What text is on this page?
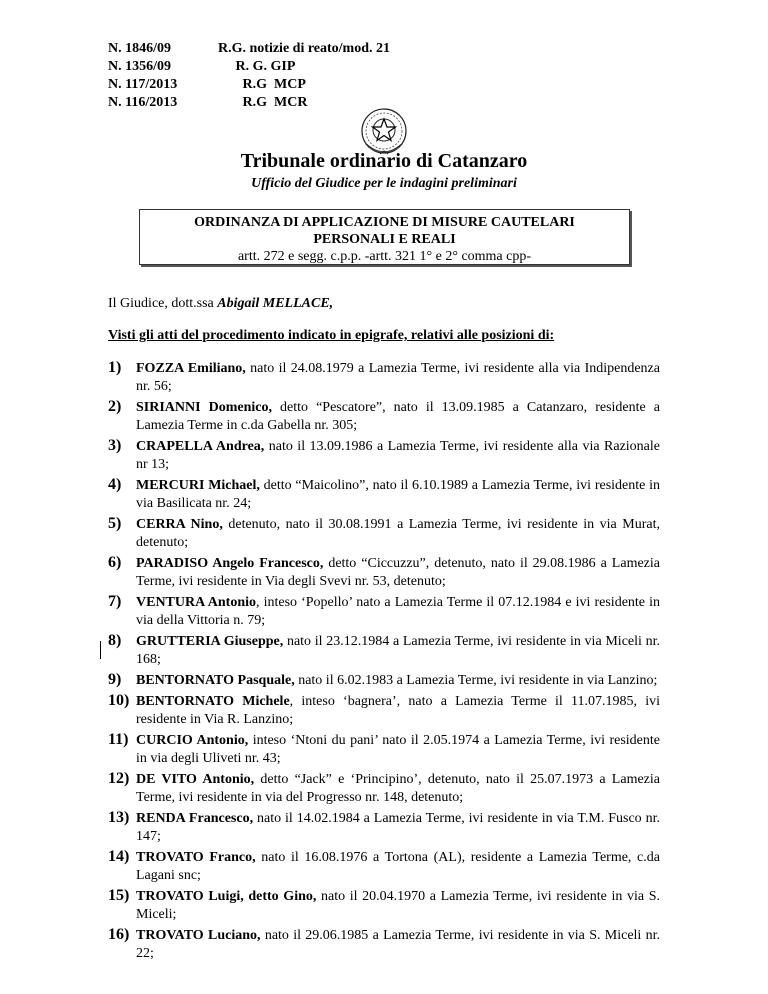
N. 1846/09	R.G. notizie di reato/mod. 21
N. 1356/09	R. G. GIP
N. 117/2013	R.G  MCP
N. 116/2013	R.G  MCR
Tribunale ordinario di Catanzaro
Ufficio del Giudice per le indagini preliminari
ORDINANZA DI APPLICAZIONE DI MISURE CAUTELARI
PERSONALI E REALI
artt. 272 e segg. c.p.p. -artt. 321 1° e 2° comma cpp-
Il Giudice, dott.ssa Abigail MELLACE,
Visti gli atti del procedimento indicato in epigrafe, relativi alle posizioni di:
1) FOZZA Emiliano, nato il 24.08.1979 a Lamezia Terme, ivi residente alla via Indipendenza nr. 56;
2) SIRIANNI Domenico, detto “Pescatore”, nato il 13.09.1985 a Catanzaro, residente a Lamezia Terme in c.da Gabella nr. 305;
3) CRAPELLA Andrea, nato il 13.09.1986 a Lamezia Terme, ivi residente alla via Razionale nr 13;
4) MERCURI Michael, detto “Maicolino”, nato il 6.10.1989 a Lamezia Terme, ivi residente in via Basilicata nr. 24;
5) CERRA Nino, detenuto, nato il 30.08.1991 a Lamezia Terme, ivi residente in via Murat, detenuto;
6) PARADISO Angelo Francesco, detto “Ciccuzzu”, detenuto, nato il 29.08.1986 a Lamezia Terme, ivi residente in Via degli Svevi nr. 53, detenuto;
7) VENTURA Antonio, inteso ‘Popello’ nato a Lamezia Terme il 07.12.1984 e ivi residente in via della Vittoria n. 79;
8) GRUTTERIA Giuseppe, nato il 23.12.1984 a Lamezia Terme, ivi residente in via Miceli nr. 168;
9) BENTORNATO Pasquale, nato il 6.02.1983 a Lamezia Terme, ivi residente in via Lanzino;
10) BENTORNATO Michele, inteso ‘bagnera’, nato a Lamezia Terme il 11.07.1985, ivi residente in Via R. Lanzino;
11) CURCIO Antonio, inteso ‘Ntoni du pani’ nato il 2.05.1974 a Lamezia Terme, ivi residente in via degli Uliveti nr. 43;
12) DE VITO Antonio, detto “Jack” e ‘Principino’, detenuto, nato il 25.07.1973 a Lamezia Terme, ivi residente in via del Progresso nr. 148, detenuto;
13) RENDA Francesco, nato il 14.02.1984 a Lamezia Terme, ivi residente in via T.M. Fusco nr. 147;
14) TROVATO Franco, nato il 16.08.1976 a Tortona (AL), residente a Lamezia Terme, c.da Lagani snc;
15) TROVATO Luigi, detto Gino, nato il 20.04.1970 a Lamezia Terme, ivi residente in via S. Miceli;
16) TROVATO Luciano, nato il 29.06.1985 a Lamezia Terme, ivi residente in via S. Miceli nr. 22;
